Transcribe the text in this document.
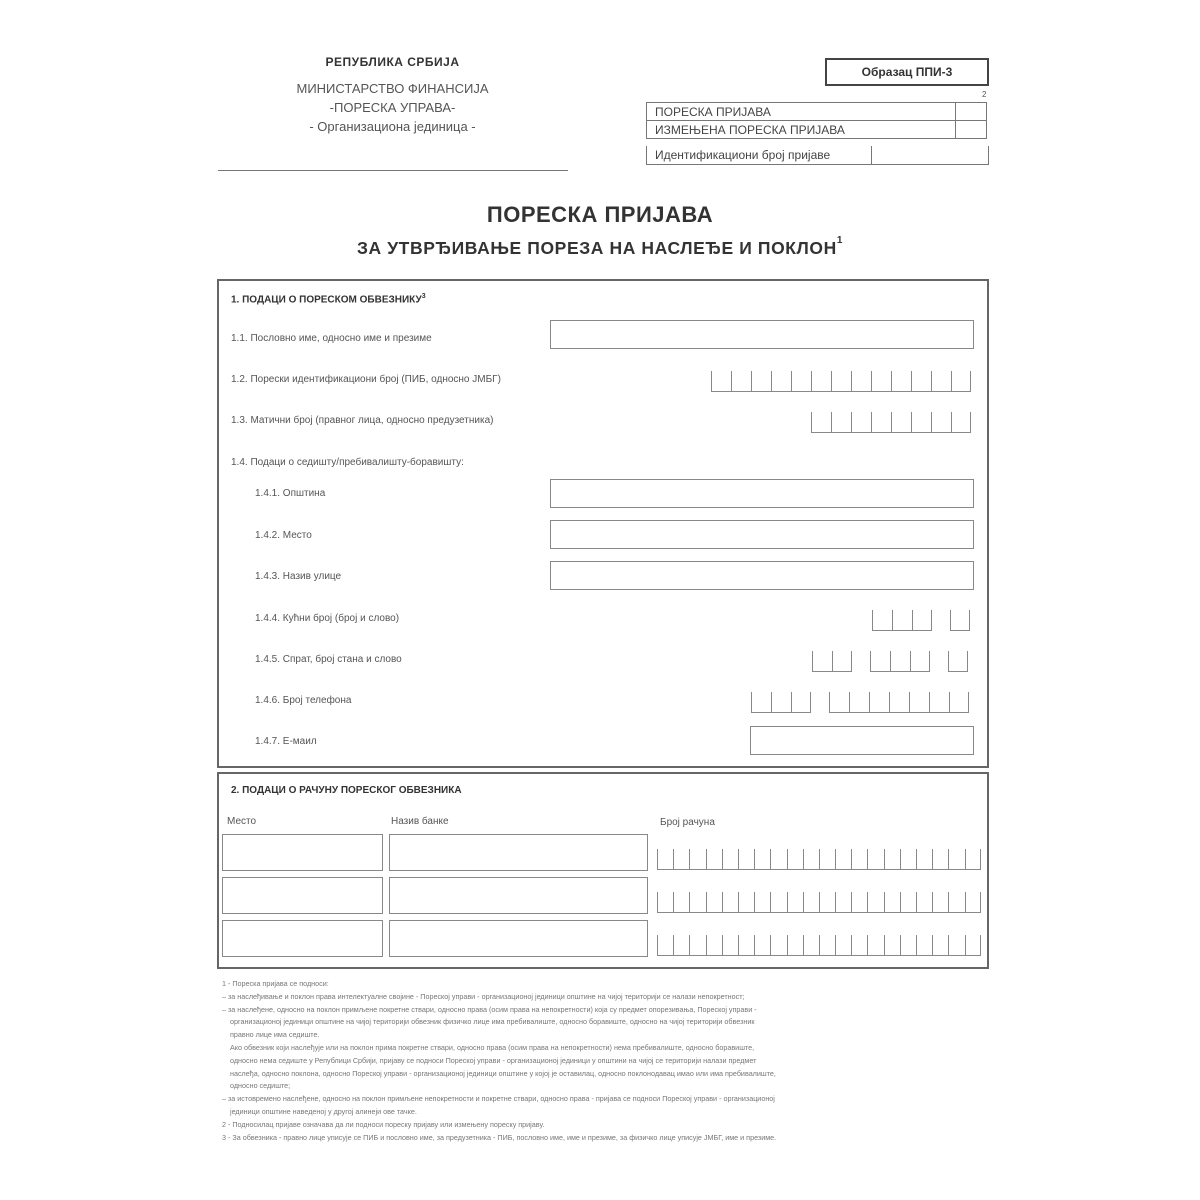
РЕПУБЛИКА СРБИЈА
МИНИСТАРСТВО ФИНАНСИЈА
-ПОРЕСКА УПРАВА-
- Организациона јединица -
Образац ППИ-3
2
ПОРЕСКА ПРИЈАВА	
ИЗМЕЊЕНА ПОРЕСКА ПРИЈАВА	
Идентификациони број пријаве
ПОРЕСКА ПРИЈАВА
ЗА УТВРЂИВАЊЕ ПОРЕЗА НА НАСЛЕЂЕ И ПОКЛОН$^1$
1. ПОДАЦИ О ПОРЕСКОМ ОБВЕЗНИКУ$^3$
1.1. Пословно име, односно име и презиме
1.2. Порески идентификациони број (ПИБ, односно ЈМБГ)
1.3. Матични број (правног лица, односно предузетника)
1.4. Подаци о седишту/пребивалишту-боравишту:
1.4.1. Општина
1.4.2. Место
1.4.3. Назив улице
1.4.4. Кућни број (број и слово)
1.4.5. Спрат, број стана и слово
1.4.6. Број телефона
1.4.7. Е-маил
2. ПОДАЦИ О РАЧУНУ ПОРЕСКОГ ОБВЕЗНИКА
Место	Назив банке	Број рачуна

1 - Пореска пријава се подноси:

– за наслеђивање и поклон права интелектуалне својине - Пореској управи - организационој јединици општине на чијој територији се налази непокретност;

– за наслеђене, односно на поклон примљене покретне ствари, односно права (осим права на непокретности) која су предмет опорезивања, Пореској управи -

организационој јединици општине на чијој територији обвезник физичко лице има пребивалиште, односно боравиште, односно на чијој територији обвезник

правно лице има седиште.

Ако обвезник који наслеђује или на поклон прима покретне ствари, односно права (осим права на непокретности) нема пребивалиште, односно боравиште,

односно нема седиште у Републици Србији, пријаву се подноси Пореској управи - организационој јединици у општини на чијој се територији налази предмет

наслеђа, односно поклона, односно Пореској управи - организационој јединици општине у којој је оставилац, односно поклонодавац имао или има пребивалиште,

односно седиште;

– за истовремено наслеђене, односно на поклон примљене непокретности и покретне ствари, односно права - пријава се подноси Пореској управи - организационој

јединици општине наведеној у другој алинеји ове тачке.

2 - Подносилац пријаве означава да ли подноси пореску пријаву или измењену пореску пријаву.

3 - За обвезника - правно лице уписује се ПИБ и пословно име, за предузетника - ПИБ, пословно име, име и презиме, за физичко лице уписује ЈМБГ, име и презиме.
